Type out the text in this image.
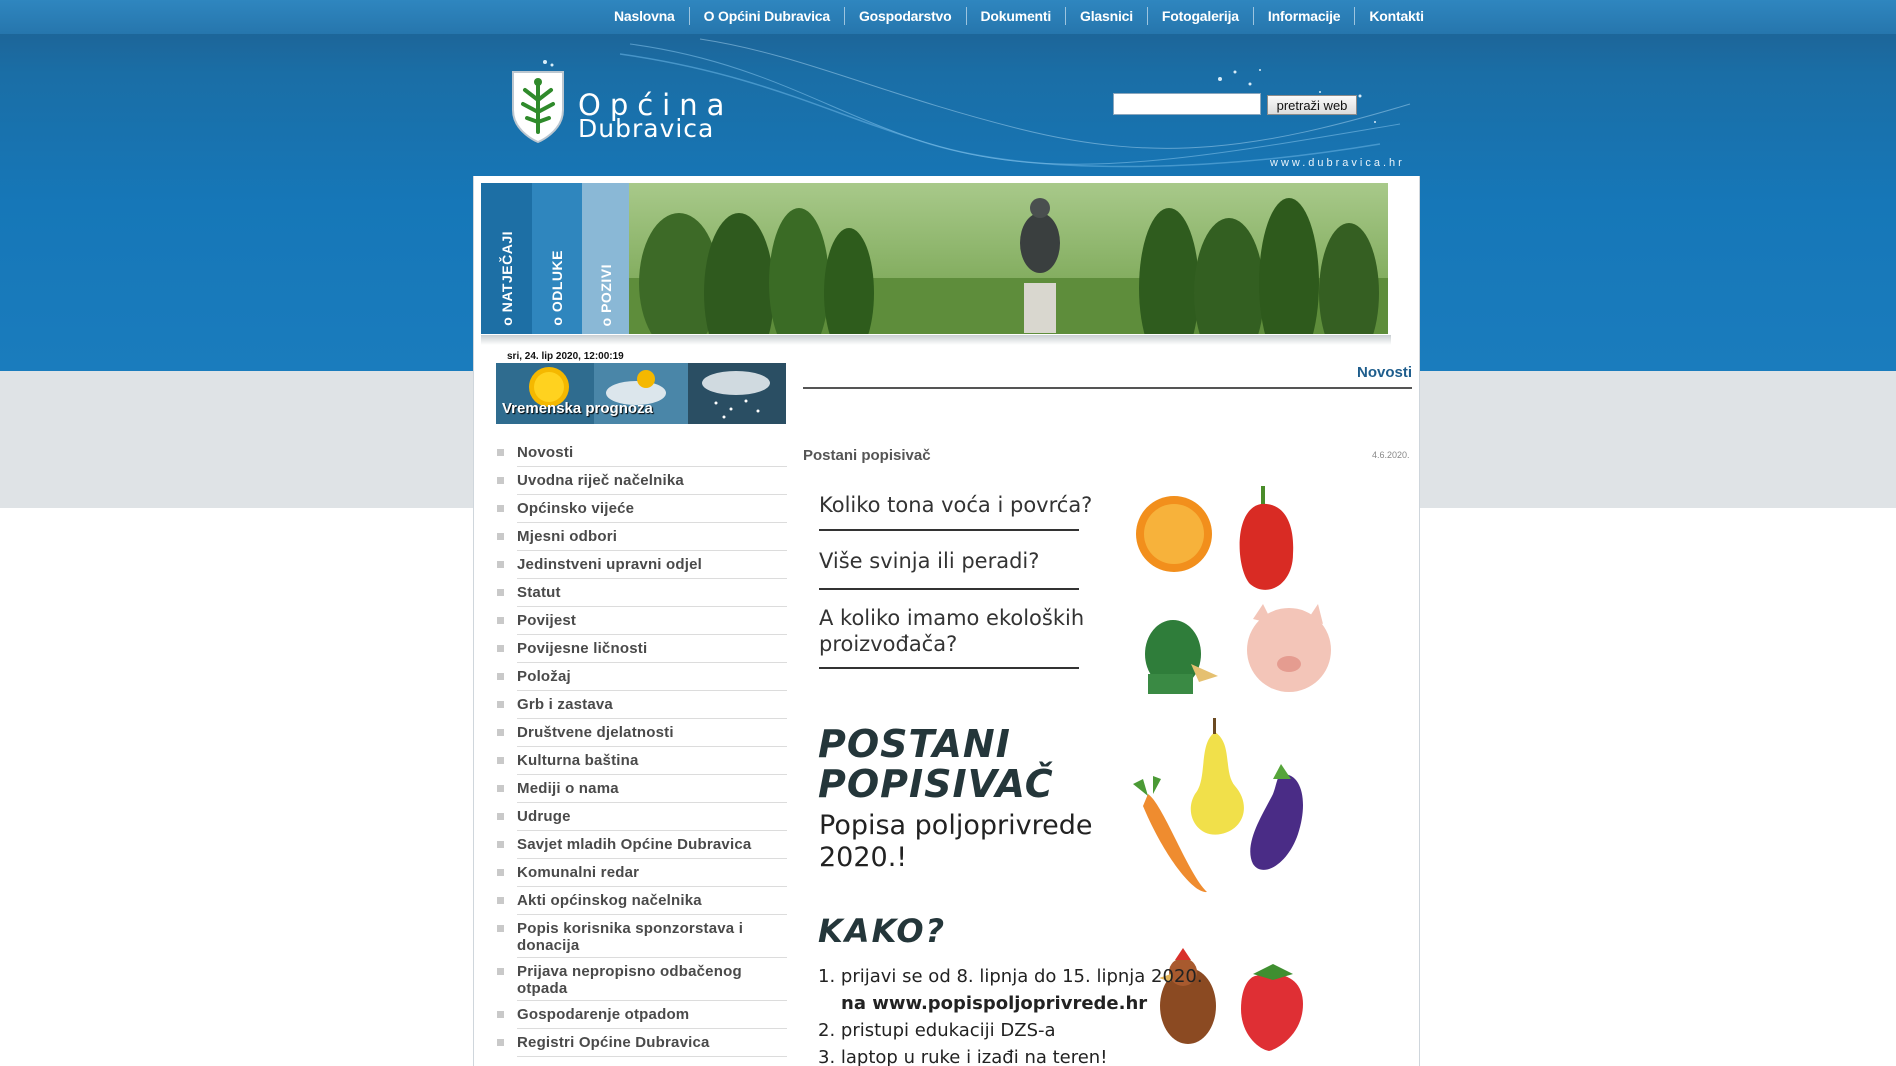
Naslovna	O Općini Dubravica	Gospodarstvo	Dokumenti	Glasnici	Fotogalerija	Informacije	Kontakti
Općina
Dubravica
pretraži web
www.dubravica.hr
o NATJEČAJI o ODLUKE o POZIVI
sri, 24. lip 2020, 12:00:19
Vremenska prognoza
Novosti
Uvodna riječ načelnika
Općinsko vijeće
Mjesni odbori
Jedinstveni upravni odjel
Statut
Povijest
Povijesne ličnosti
Položaj
Grb i zastava
Društvene djelatnosti
Kulturna baština
Mediji o nama
Udruge
Savjet mladih Općine Dubravica
Komunalni redar
Akti općinskog načelnika
Popis korisnika sponzorstava i donacija
Prijava nepropisno odbačenog otpada
Gospodarenje otpadom
Registri Općine Dubravica
Novosti
Postani popisivač	4.6.2020.
Koliko tona voća i povrća?
Više svinja ili peradi?
A koliko imamo ekoloških
proizvođača?
POSTANI
POPISIVAČ
Popisa poljoprivrede
2020.!
KAKO?
1. prijavi se od 8. lipnja do 15. lipnja 2020.
na www.popispoljoprivrede.hr
2. pristupi edukaciji DZS-a
3. laptop u ruke i izađi na teren!
